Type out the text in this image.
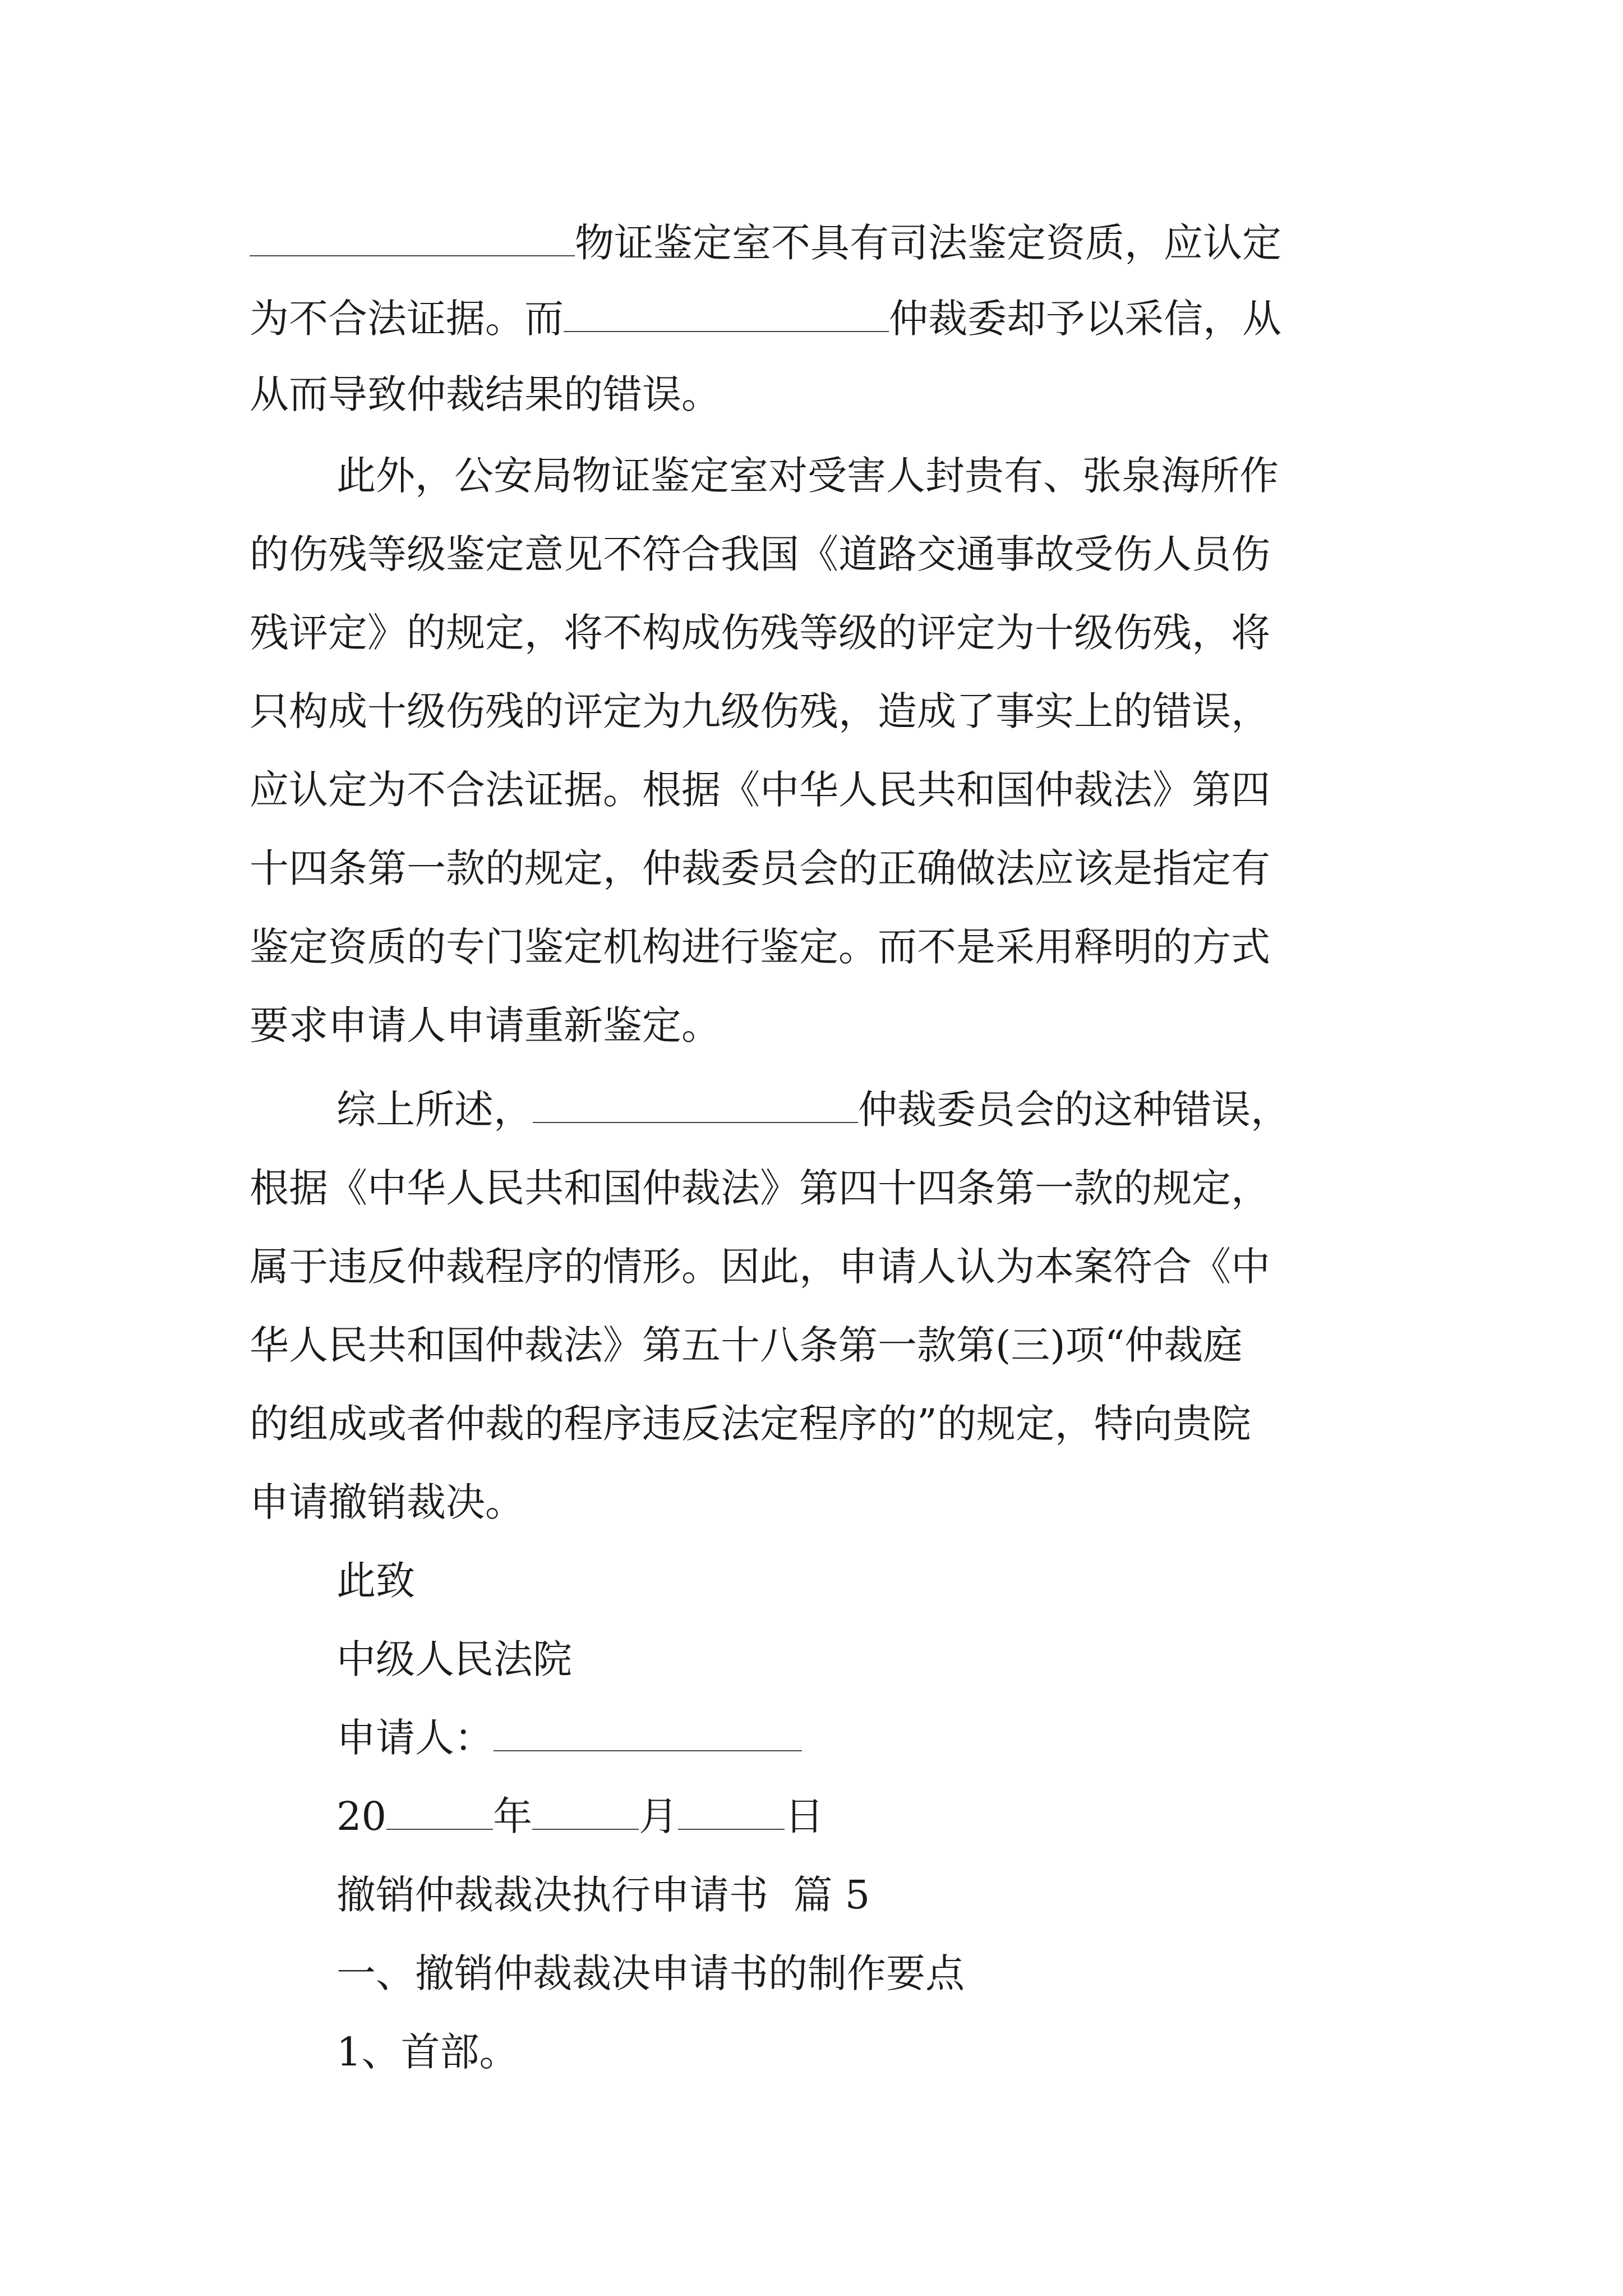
物证鉴定室不具有司法鉴定资质，应认定
为不合法证据。而	仲裁委却予以采信，从
从而导致仲裁结果的错误。
此外，公安局物证鉴定室对受害人封贵有、张泉海所作
的伤残等级鉴定意见不符合我国《道路交通事故受伤人员伤
残评定》的规定，将不构成伤残等级的评定为十级伤残，将
只构成十级伤残的评定为九级伤残，造成了事实上的错误，
应认定为不合法证据。根据《中华人民共和国仲裁法》第四
十四条第一款的规定，仲裁委员会的正确做法应该是指定有
鉴定资质的专门鉴定机构进行鉴定。而不是采用释明的方式
要求申请人申请重新鉴定。
综上所述，	仲裁委员会的这种错误，
根据《中华人民共和国仲裁法》第四十四条第一款的规定，
属于违反仲裁程序的情形。因此，申请人认为本案符合《中
华人民共和国仲裁法》第五十八条第一款第(三)项“仲裁庭
的组成或者仲裁的程序违反法定程序的”的规定，特向贵院
申请撤销裁决。
此致
中级人民法院
申请人：
20	年	月	日
撤销仲裁裁决执行申请书  篇 5
一、撤销仲裁裁决申请书的制作要点
1、首部。
